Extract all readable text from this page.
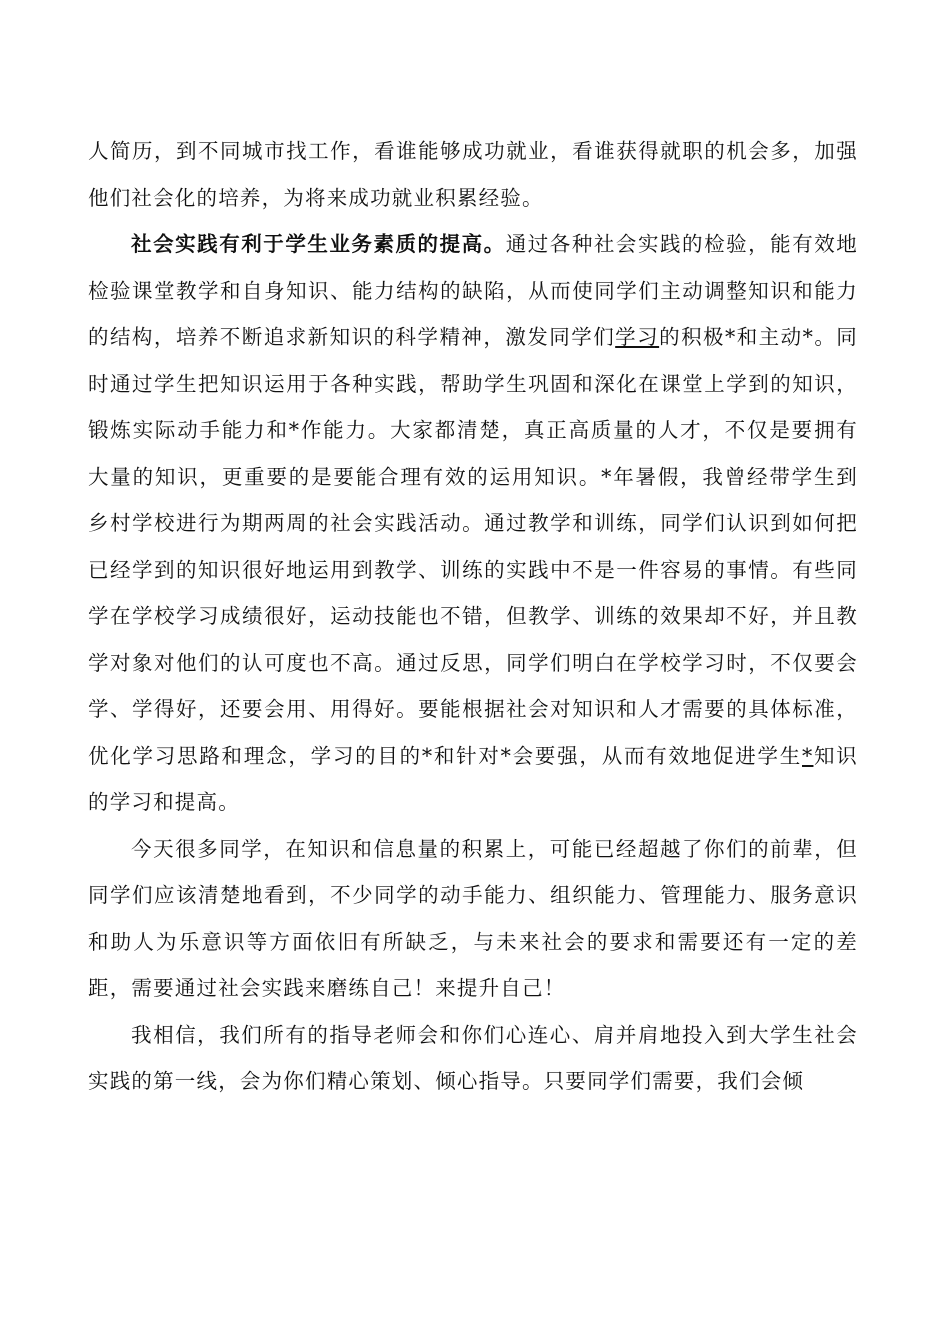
人简历，到不同城市找工作，看谁能够成功就业，看谁获得就职的机会多，加强他们社会化的培养，为将来成功就业积累经验。

社会实践有利于学生业务素质的提高。通过各种社会实践的检验，能有效地检验课堂教学和自身知识、能力结构的缺陷，从而使同学们主动调整知识和能力的结构，培养不断追求新知识的科学精神，激发同学们学习的积极*和主动*。同时通过学生把知识运用于各种实践，帮助学生巩固和深化在课堂上学到的知识，锻炼实际动手能力和*作能力。大家都清楚，真正高质量的人才，不仅是要拥有大量的知识，更重要的是要能合理有效的运用知识。*年暑假，我曾经带学生到乡村学校进行为期两周的社会实践活动。通过教学和训练，同学们认识到如何把已经学到的知识很好地运用到教学、训练的实践中不是一件容易的事情。有些同学在学校学习成绩很好，运动技能也不错，但教学、训练的效果却不好，并且教学对象对他们的认可度也不高。通过反思，同学们明白在学校学习时，不仅要会学、学得好，还要会用、用得好。要能根据社会对知识和人才需要的具体标准，优化学习思路和理念，学习的目的*和针对*会要强，从而有效地促进学生*知识的学习和提高。

今天很多同学，在知识和信息量的积累上，可能已经超越了你们的前辈，但同学们应该清楚地看到，不少同学的动手能力、组织能力、管理能力、服务意识和助人为乐意识等方面依旧有所缺乏，与未来社会的要求和需要还有一定的差距，需要通过社会实践来磨练自己！来提升自己！

我相信，我们所有的指导老师会和你们心连心、肩并肩地投入到大学生社会实践的第一线，会为你们精心策划、倾心指导。只要同学们需要，我们会倾
